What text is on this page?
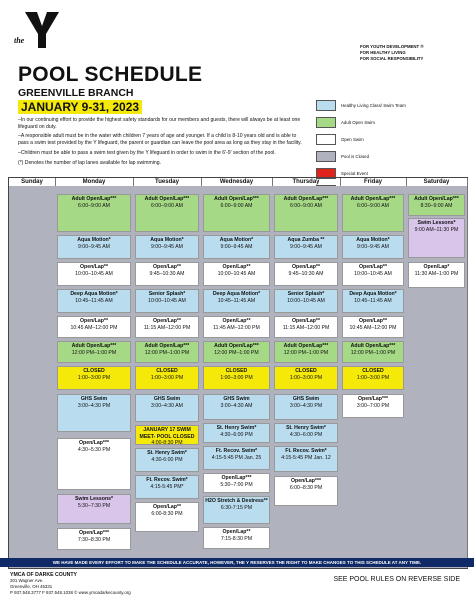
the
FOR YOUTH DEVELOPMENT ®
FOR HEALTHY LIVING
FOR SOCIAL RESPONSIBILITY
POOL SCHEDULE
GREENVILLE BRANCH
JANUARY 9-31, 2023

–In our continuing effort to provide the highest safety standards for our members and guests, there will always be at least one lifeguard on duty.

–A responsible adult must be in the water with children 7 years of age and younger. If a child is 8-10 years old and is able to pass a swim test provided by the Y lifeguard, the parent or guardian can leave the pool area as long as they stay in the facility.

–Children must be able to pass a swim test given by the Y lifeguard in order to swim in the 6'-9' section of the pool.

(*) Denotes the number of lap lanes available for lap swimming.

Healthy Living Class/ Swim Team
Adult Open Swim
Open Swim
Pool is Closed
Special Event
Sunday	Monday
Adult Open/Lap***
6:00–9:00 AM
Aqua Motion*
9:00–9:45 AM
Open/Lap**
10:00–10:45 AM
Deep Aqua Motion*
10:45–11:45 AM
Open/Lap**
10:45 AM–12:00 PM
Adult Open/Lap***
12:00 PM–1:00 PM
CLOSED
1:00–3:00 PM
GHS Swim
3:00–4:30 PM
Open/Lap***
4:30–5:30 PM
Swim Lessons*
5:30–7:30 PM
Open/Lap***
7:30–8:30 PM
Tuesday
Adult Open/Lap***
6:00–9:00 AM
Aqua Motion*
9:00–9:45 AM
Open/Lap**
9:45–10:30 AM
Senior Splash*
10:00–10:45 AM
Open/Lap**
11:15 AM–12:00 PM
Adult Open/Lap***
12:00 PM–1:00 PM
CLOSED
1:00–3:00 PM
GHS Swim
3:00–4:30 AM
JANUARY 17 SWIM MEET- POOL CLOSED
4:00-8:30 PM
St. Henry Swim*
4:30-6:00 PM
Ft. Recov. Swim*
4:15-5:45 PM*
Open/Lap**
6:00-8:30 PM
Wednesday
Adult Open/Lap***
6:00–9:00 AM
Aqua Motion*
9:00–9:45 AM
Open/Lap**
10:00–10:45 AM
Deep Aqua Motion*
10:45–11:45 AM
Open/Lap**
11:45 AM–12:00 PM
Adult Open/Lap***
12:00 PM–1:00 PM
CLOSED
1:00–3:00 PM
GHS Swim
3:00–4:30 AM
St. Henry Swim*
4:30–6:00 PM
Ft. Recov. Swim*
4:15-5:45 PM Jan. 25
Open/Lap***
5:30–7:00 PM
H2O Stretch & Destress**
6:30-7:15 PM
Open/Lap**
7:15-8:30 PM
Thursday
Adult Open/Lap***
6:00–9:00 AM
Aqua Zumba **
9:00–9:45 AM
Open/Lap**
9:45–10:30 AM
Senior Splash*
10:00–10:45 AM
Open/Lap**
11:15 AM–12:00 PM
Adult Open/Lap***
12:00 PM–1:00 PM
CLOSED
1:00–3:00 PM
GHS Swim
3:00–4:30 PM
St. Henry Swim*
4:30–6:00 PM
Ft. Recov. Swim*
4:15-5:45 PM Jan. 12
Open/Lap***
6:00–8:30 PM
Friday
Adult Open/Lap***
6:00–9:00 AM
Aqua Motion*
9:00–9:45 AM
Open/Lap**
10:00–10:45 AM
Deep Aqua Motion*
10:45–11:45 AM
Open/Lap**
10:45 AM–12:00 PM
Adult Open/Lap***
12:00 PM–1:00 PM
CLOSED
1:00–3:00 PM
Open/Lap***
3:00–7:00 PM
Saturday
Adult Open/Lap***
8:30–9:00 AM
Swim Lessons*
9:00 AM–11:30 PM
Open/Lap*
11:30 AM–1:00 PM
WE HAVE MADE EVERY EFFORT TO MAKE THE SCHEDULE ACCURATE, HOWEVER, THE Y RESERVES THE RIGHT TO MAKE CHANGES TO THIS SCHEDULE AT ANY TIME.
YMCA OF DARKE COUNTY
301 Wagner Ave.
Greenville, OH 45331
P 937.548.3777 F 937.548.1038 © www.ymcadarkecounty.org
SEE POOL RULES ON REVERSE SIDE
